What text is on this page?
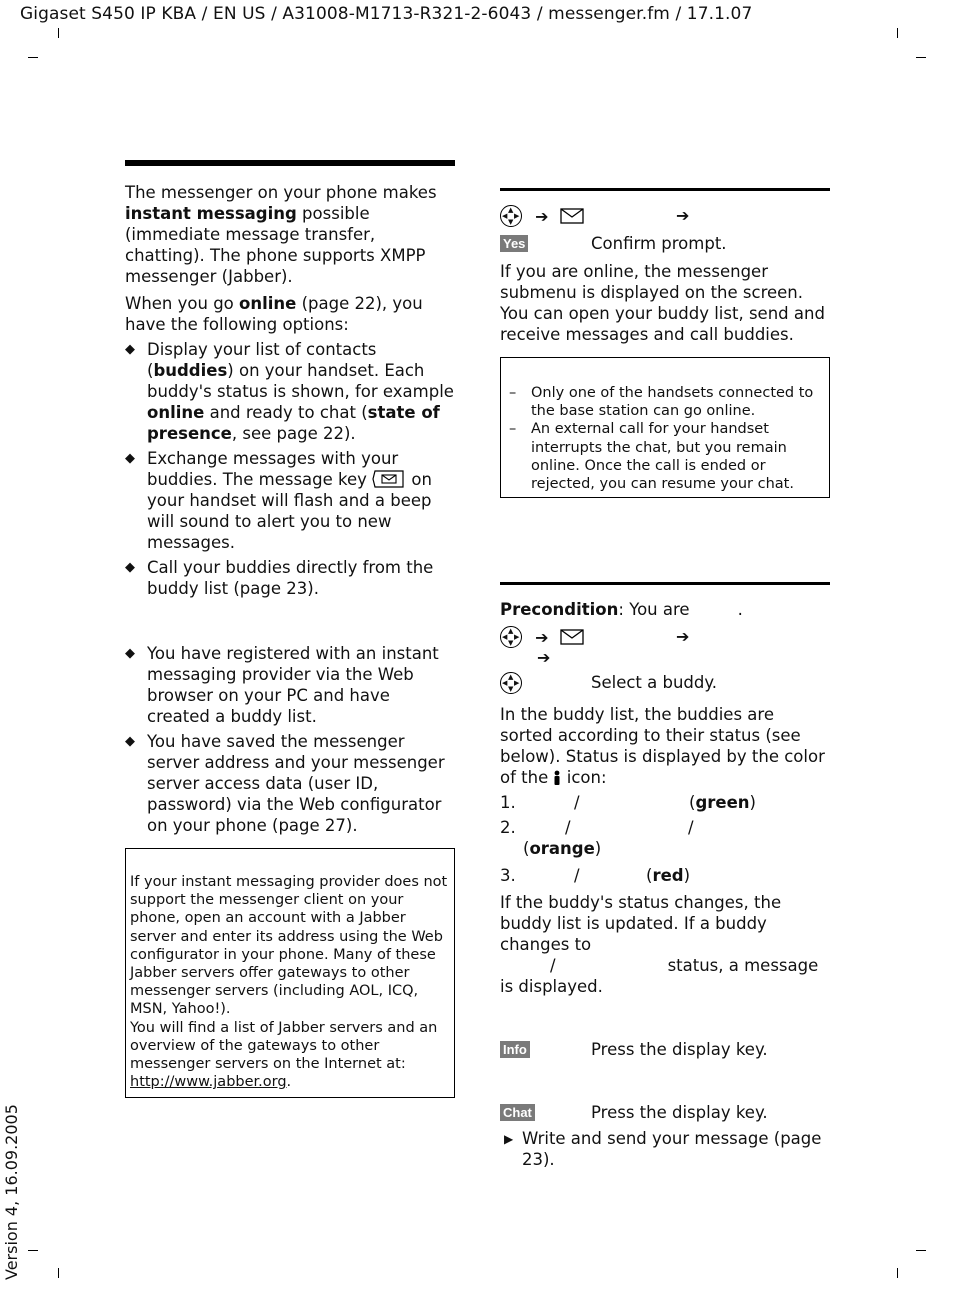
Gigaset S450 IP KBA / EN US / A31008-M1713-R321-2-6043 / messenger.fm / 17.1.07
Version 4, 16.09.2005

The messenger on your phone makes instant messaging possible (immediate message transfer, chatting). The phone supports XMPP messenger (Jabber).

When you go online (page 22), you have the following options:

◆ Display your list of contacts (buddies) on your handset. Each buddy's status is shown, for example online and ready to chat (state of presence, see page 22).
◆ Exchange messages with your buddies. The message key  on your handset will flash and a beep will sound to alert you to new messages.
◆ Call your buddies directly from the buddy list (page 23).
◆ You have registered with an instant messaging provider via the Web browser on your PC and have created a buddy list.
◆ You have saved the messenger server address and your messenger server access data (user ID, password) via the Web configurator on your phone (page 27).

If your instant messaging provider does not support the messenger client on your phone, open an account with a Jabber server and enter its address using the Web configurator in your phone. Many of these Jabber servers offer gateways to other messenger servers (including AOL, ICQ, MSN, Yahoo!).

You will find a list of Jabber servers and an overview of the gateways to other messenger servers on the Internet at:
http://www.jabber.org.

▲
▼
◀ ▶ ➔	➔
Yes	Confirm prompt.

If you are online, the messenger submenu is displayed on the screen. You can open your buddy list, send and receive messages and call buddies.

– Only one of the handsets connected to the base station can go online.
– An external call for your handset interrupts the chat, but you remain online. Once the call is ended or rejected, you can resume your chat.

Precondition: You are	.

▲
▼
◀ ▶ ➔	➔
➔
▲
▼
◀ ▶	Select a buddy.

In the buddy list, the buddies are sorted according to their status (see below). Status is displayed by the color of the icon:

1.	/	(green)
2.	/	/
(orange)
3.	/	(red)

If the buddy's status changes, the buddy list is updated. If a buddy changes to
/	status, a message is displayed.

Info	Press the display key.
Chat	Press the display key.
▶ Write and send your message (page 23).
